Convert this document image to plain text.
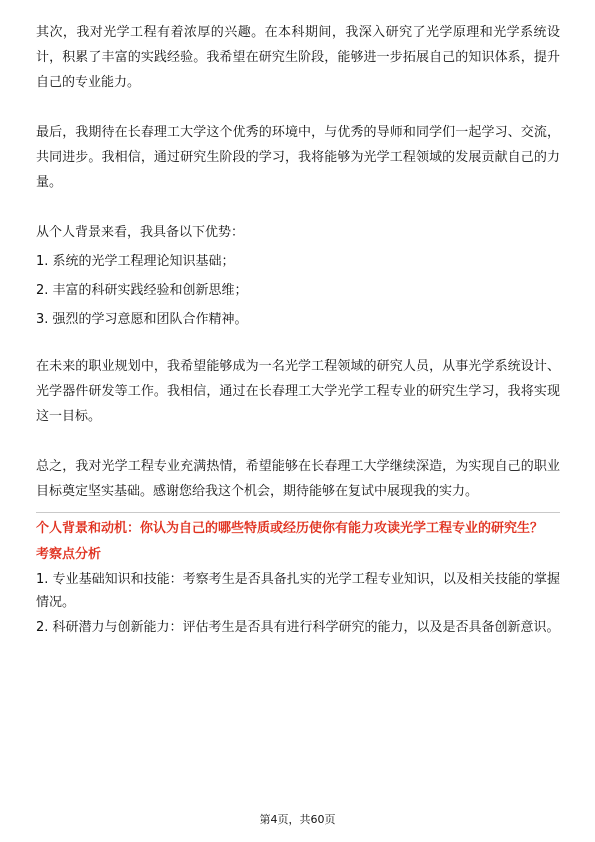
其次，我对光学工程有着浓厚的兴趣。在本科期间，我深入研究了光学原理和光学系统设计，积累了丰富的实践经验。我希望在研究生阶段，能够进一步拓展自己的知识体系，提升自己的专业能力。

最后，我期待在长春理工大学这个优秀的环境中，与优秀的导师和同学们一起学习、交流，共同进步。我相信，通过研究生阶段的学习，我将能够为光学工程领域的发展贡献自己的力量。

从个人背景来看，我具备以下优势：

1. 系统的光学工程理论知识基础；

2. 丰富的科研实践经验和创新思维；

3. 强烈的学习意愿和团队合作精神。

在未来的职业规划中，我希望能够成为一名光学工程领域的研究人员，从事光学系统设计、光学器件研发等工作。我相信，通过在长春理工大学光学工程专业的研究生学习，我将实现这一目标。

总之，我对光学工程专业充满热情，希望能够在长春理工大学继续深造，为实现自己的职业目标奠定坚实基础。感谢您给我这个机会，期待能够在复试中展现我的实力。

个人背景和动机：你认为自己的哪些特质或经历使你有能力攻读光学工程专业的研究生？

考察点分析

1. 专业基础知识和技能：考察考生是否具备扎实的光学工程专业知识，以及相关技能的掌握情况。

2. 科研潜力与创新能力：评估考生是否具有进行科学研究的能力，以及是否具备创新意识。

第4页，共60页
